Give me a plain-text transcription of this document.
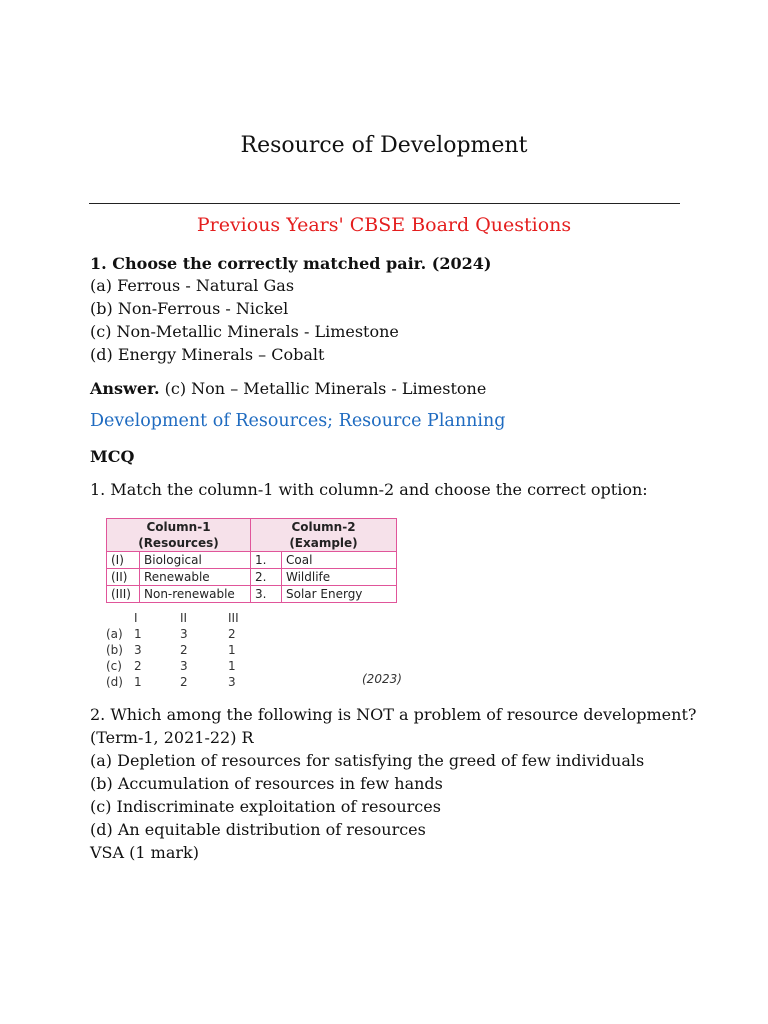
Resource of Development
Previous Years' CBSE Board Questions
1. Choose the correctly matched pair. (2024)
(a) Ferrous - Natural Gas
(b) Non-Ferrous - Nickel
(c) Non-Metallic Minerals - Limestone
(d) Energy Minerals – Cobalt
Answer. (c) Non – Metallic Minerals - Limestone
Development of Resources; Resource Planning
MCQ
1. Match the column-1 with column-2 and choose the correct option:
Column-1		Column-2	
(Resources)		(Example)	
(I)	Biological	1.	Coal
(II)	Renewable	2.	Wildlife
(III)	Non-renewable	3.	Solar Energy
I	II	III
(a) 1	3	2
(b) 3	2	1
(c) 2	3	1
(d) 1	2	3	(2023)
2. Which among the following is NOT a problem of resource development?
(Term-1, 2021-22) R
(a) Depletion of resources for satisfying the greed of few individuals
(b) Accumulation of resources in few hands
(c) Indiscriminate exploitation of resources
(d) An equitable distribution of resources
VSA (1 mark)
